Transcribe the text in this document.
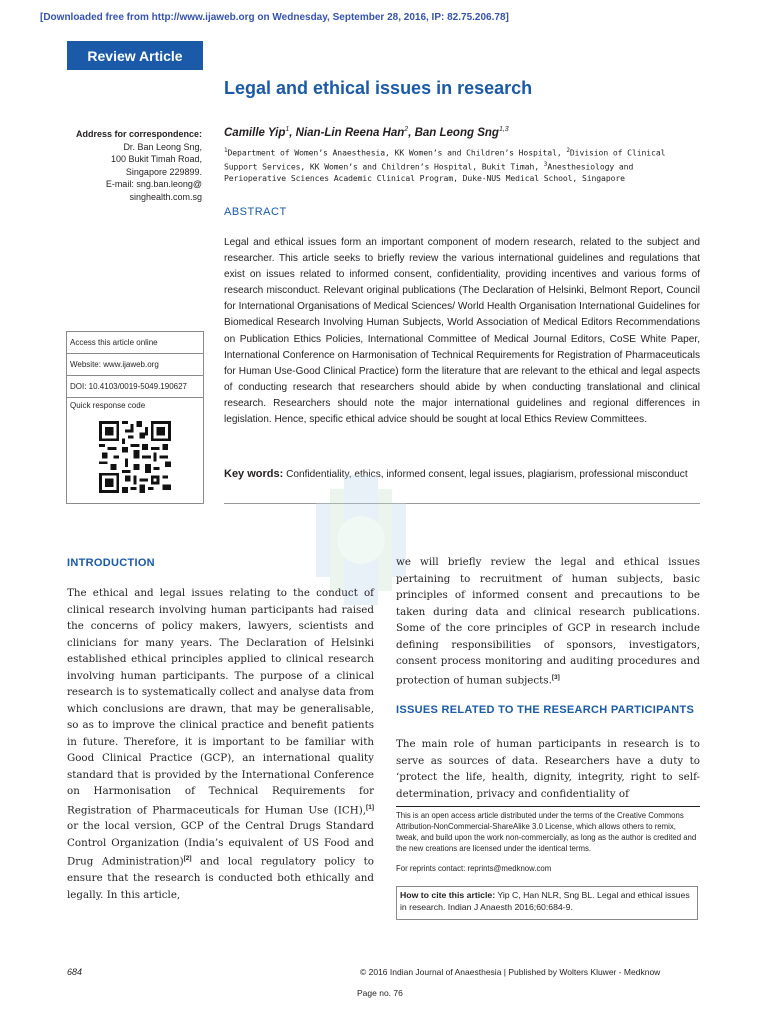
[Downloaded free from http://www.ijaweb.org on Wednesday, September 28, 2016, IP: 82.75.206.78]
Review Article
Legal and ethical issues in research
Address for correspondence:
Dr. Ban Leong Sng,
100 Bukit Timah Road,
Singapore 229899.
E-mail: sng.ban.leong@
singhealth.com.sg
Camille Yip$^1$, Nian-Lin Reena Han$^2$, Ban Leong Sng$^{1,3}$
$^1$Department of Women’s Anaesthesia, KK Women’s and Children’s Hospital, $^2$Division of Clinical Support Services, KK Women’s and Children’s Hospital, Bukit Timah, $^3$Anesthesiology and Perioperative Sciences Academic Clinical Program, Duke-NUS Medical School, Singapore
ABSTRACT
Legal and ethical issues form an important component of modern research, related to the subject and researcher. This article seeks to briefly review the various international guidelines and regulations that exist on issues related to informed consent, confidentiality, providing incentives and various forms of research misconduct. Relevant original publications (The Declaration of Helsinki, Belmont Report, Council for International Organisations of Medical Sciences/ World Health Organisation International Guidelines for Biomedical Research Involving Human Subjects, World Association of Medical Editors Recommendations on Publication Ethics Policies, International Committee of Medical Journal Editors, CoSE White Paper, International Conference on Harmonisation of Technical Requirements for Registration of Pharmaceuticals for Human Use-Good Clinical Practice) form the literature that are relevant to the ethical and legal aspects of conducting research that researchers should abide by when conducting translational and clinical research. Researchers should note the major international guidelines and regional differences in legislation. Hence, specific ethical advice should be sought at local Ethics Review Committees.
Key words: Confidentiality, ethics, informed consent, legal issues, plagiarism, professional misconduct
Access this article online
Website: www.ijaweb.org
DOI: 10.4103/0019-5049.190627
Quick response code
INTRODUCTION
The ethical and legal issues relating to the conduct of clinical research involving human participants had raised the concerns of policy makers, lawyers, scientists and clinicians for many years. The Declaration of Helsinki established ethical principles applied to clinical research involving human participants. The purpose of a clinical research is to systematically collect and analyse data from which conclusions are drawn, that may be generalisable, so as to improve the clinical practice and benefit patients in future. Therefore, it is important to be familiar with Good Clinical Practice (GCP), an international quality standard that is provided by the International Conference on Harmonisation of Technical Requirements for Registration of Pharmaceuticals for Human Use (ICH),[1] or the local version, GCP of the Central Drugs Standard Control Organization (India’s equivalent of US Food and Drug Administration)[2] and local regulatory policy to ensure that the research is conducted both ethically and legally. In this article,
we will briefly review the legal and ethical issues pertaining to recruitment of human subjects, basic principles of informed consent and precautions to be taken during data and clinical research publications. Some of the core principles of GCP in research include defining responsibilities of sponsors, investigators, consent process monitoring and auditing procedures and protection of human subjects.[3]
ISSUES RELATED TO THE RESEARCH PARTICIPANTS
The main role of human participants in research is to serve as sources of data. Researchers have a duty to ‘protect the life, health, dignity, integrity, right to self-determination, privacy and confidentiality of
This is an open access article distributed under the terms of the Creative Commons Attribution-NonCommercial-ShareAlike 3.0 License, which allows others to remix, tweak, and build upon the work non-commercially, as long as the author is credited and the new creations are licensed under the identical terms.
For reprints contact: reprints@medknow.com
How to cite this article: Yip C, Han NLR, Sng BL. Legal and ethical issues in research. Indian J Anaesth 2016;60:684-9.
684	© 2016 Indian Journal of Anaesthesia | Published by Wolters Kluwer - Medknow
Page no. 76
